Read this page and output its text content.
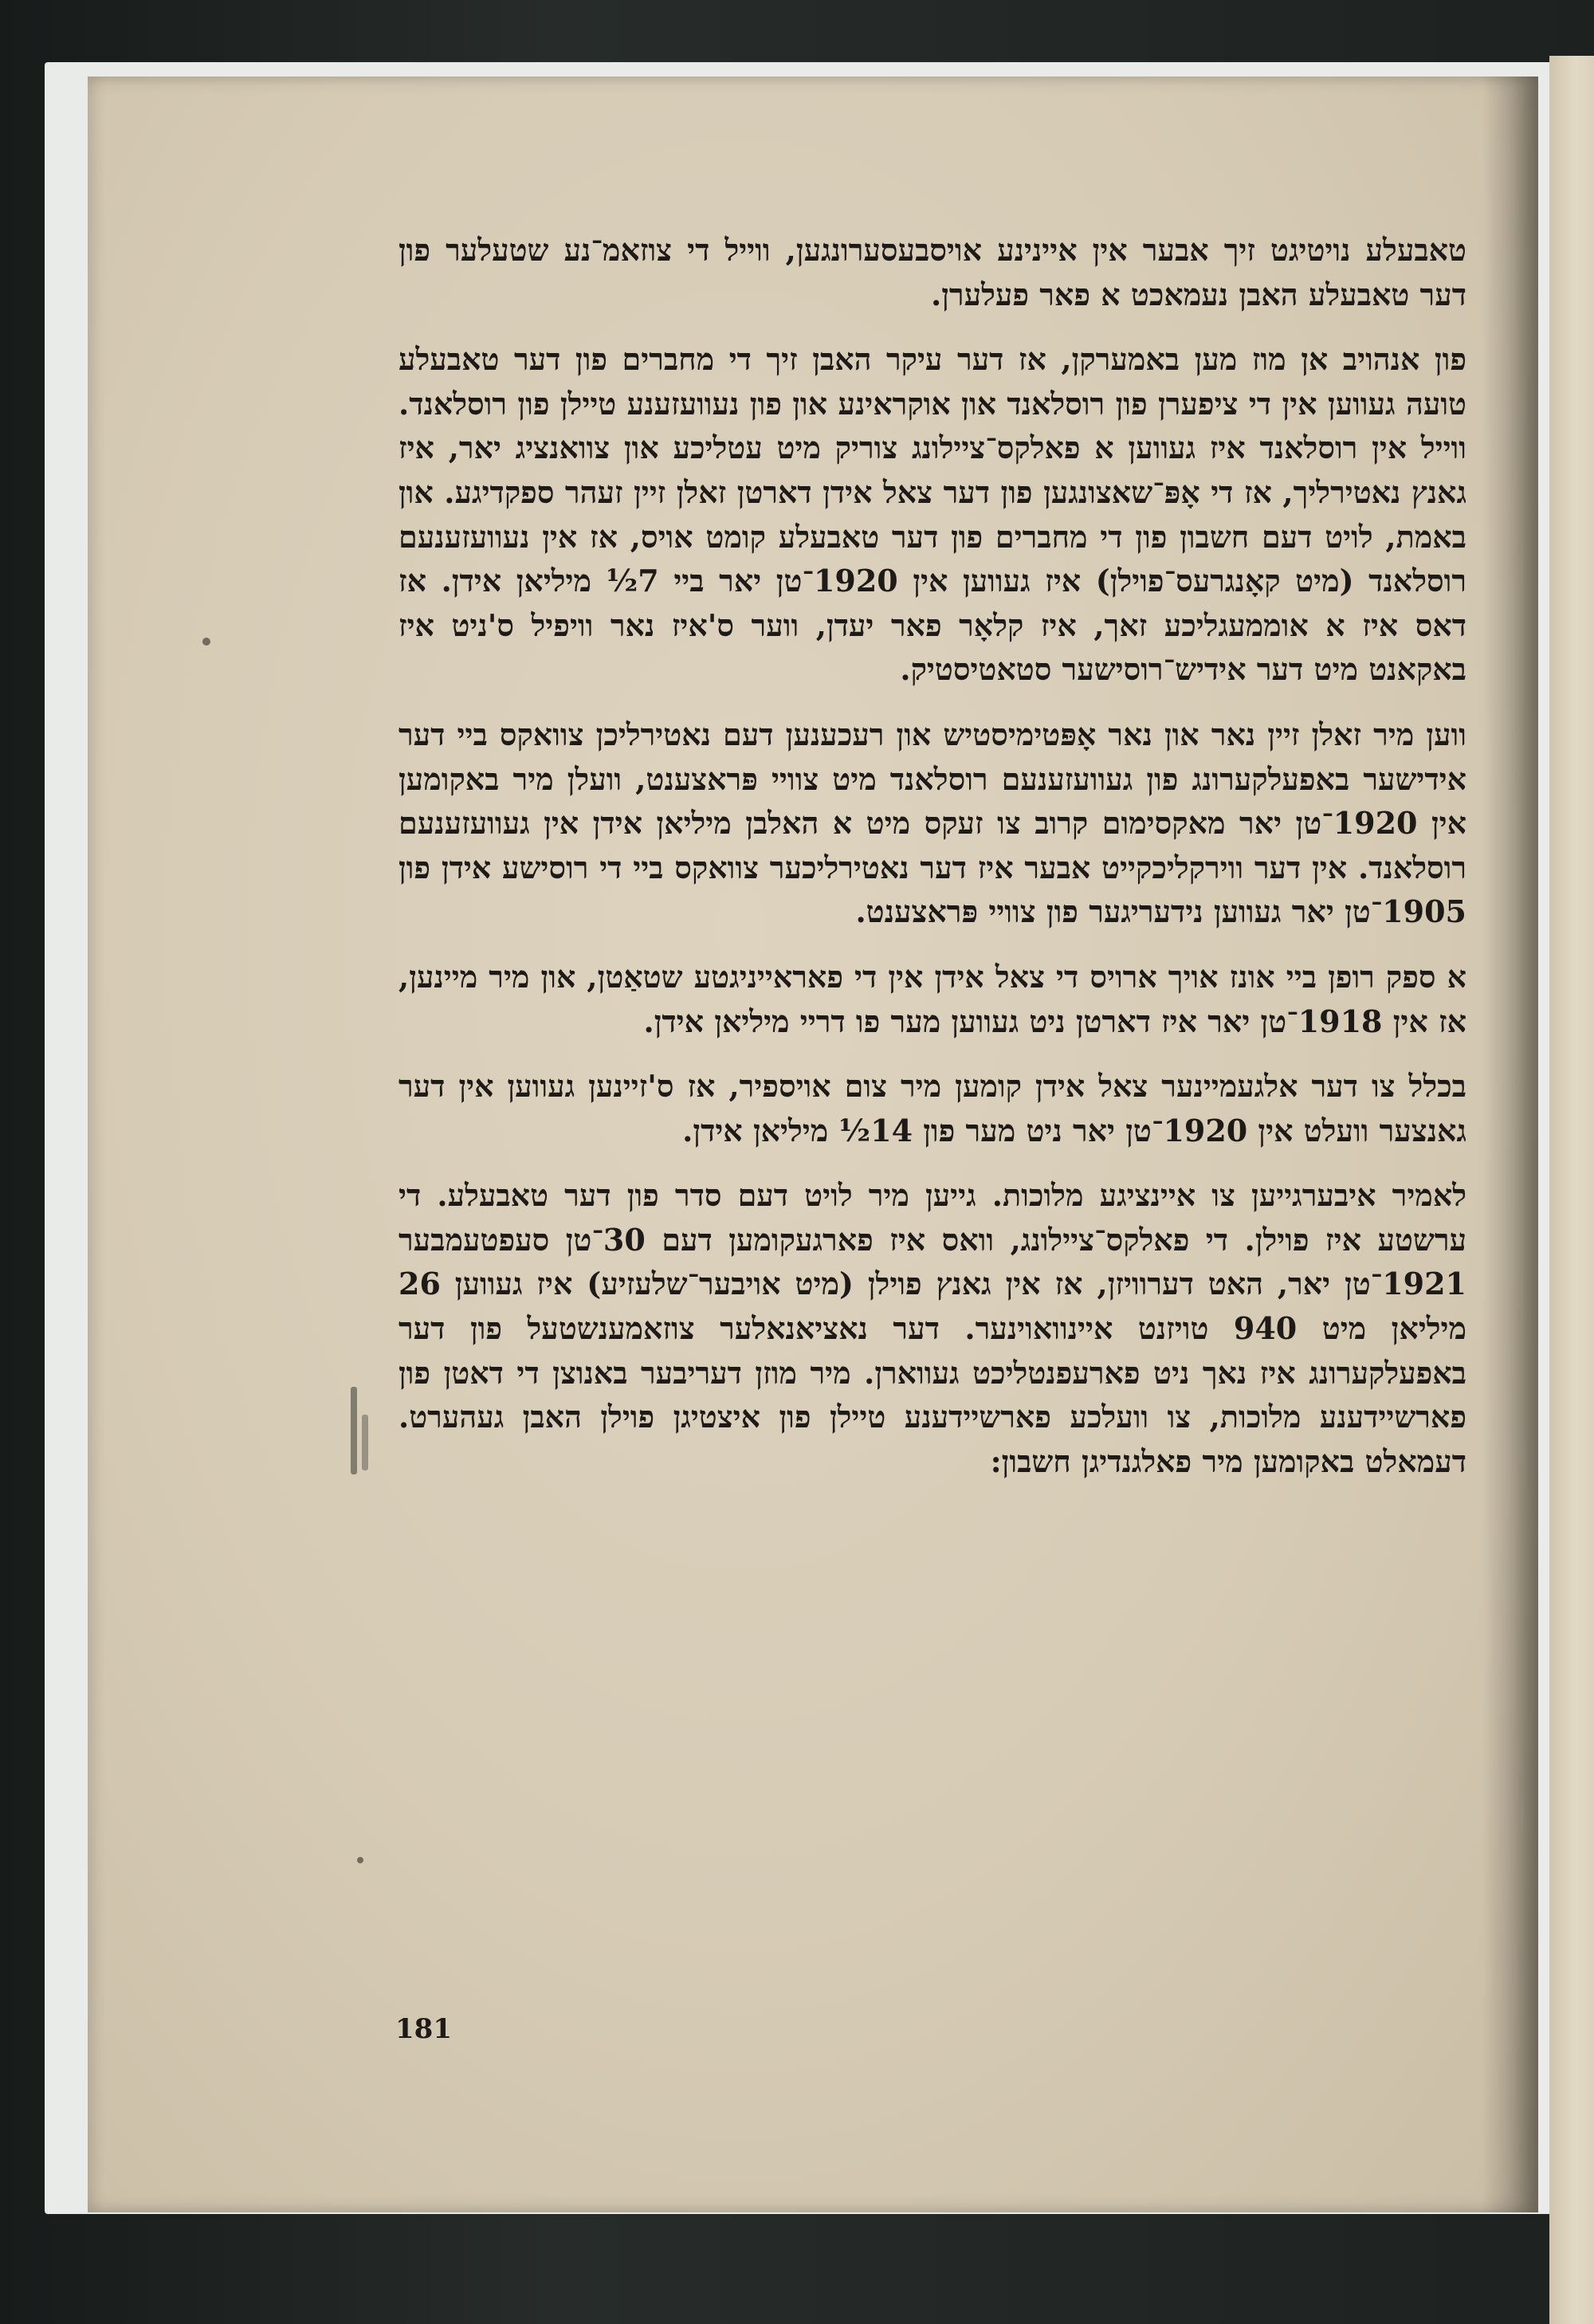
טאבעלע נויטיגט זיך אבער אין איינינע אויסבעסערונגען, ווייל די צוזאמ־נע שטעלער פון דער טאבעלע האבן נעמאכט א פאר פעלערן.

פון אנהויב אן מוז מען באמערקן, אז דער עיקר האבן זיך די מחברים פון דער טאבעלע טועה געווען אין די ציפערן פון רוסלאנד און אוקראינע און פון נעוועזענע טיילן פון רוסלאנד. ווייל אין רוסלאנד איז געווען א פאלקס־ציילונג צוריק מיט עטליכע און צוואנציג יאר, איז גאנץ נאטירליך, אז די אָפּ־שאצונגען פון דער צאל אידן דארטן זאלן זיין זעהר ספקדיגע. און באמת, לויט דעם חשבון פון די מחברים פון דער טאבעלע קומט אויס, אז אין נעוועזענעם רוסלאנד (מיט קאָנגרעס־פוילן) איז געווען אין 1920־טן יאר ביי 7½ מיליאן אידן. אז דאס איז א אוממעגליכע זאך, איז קלאָר פאר יעדן, ווער ס'איז נאר וויפיל ס'ניט איז באקאנט מיט דער אידיש־רוסישער סטאטיסטיק.

ווען מיר זאלן זיין נאר און נאר אָפּטימיסטיש און רעכענען דעם נאטירליכן צוואקס ביי דער אידישער באפעלקערונג פון געוועזענעם רוסלאנד מיט צוויי פּראצענט, וועלן מיר באקומען אין 1920־טן יאר מאקסימום קרוב צו זעקס מיט א האלבן מיליאן אידן אין געוועזענעם רוסלאנד. אין דער ווירקליכקייט אבער איז דער נאטירליכער צוואקס ביי די רוסישע אידן פון 1905־טן יאר געווען נידעריגער פון צוויי פּראצענט.

א ספק רופן ביי אונז אויך ארויס די צאל אידן אין די פאראייניגטע שטאַטן, און מיר מיינען, אז אין 1918־טן יאר איז דארטן ניט געווען מער פו דריי מיליאן אידן.

בכלל צו דער אלגעמיינער צאל אידן קומען מיר צום אויספיר, אז ס'זיינען געווען אין דער גאנצער וועלט אין 1920־טן יאר ניט מער פון 14½ מיליאן אידן.

לאמיר איבערגייען צו איינציגע מלוכות. גייען מיר לויט דעם סדר פון דער טאבעלע. די ערשטע איז פוילן. די פאלקס־ציילונג, וואס איז פארגעקומען דעם 30־טן סעפטעמבער 1921־טן יאר, האט דערוויזן, אז אין גאנץ פוילן (מיט אויבער־שלעזיע) איז געווען 26 מיליאן מיט 940 טויזנט איינוואוינער. דער נאציאנאלער צוזאמענשטעל פון דער באפעלקערונג איז נאך ניט פארעפנטליכט געווארן. מיר מוזן דעריבער באנוצן די דאטן פון פארשיידענע מלוכות, צו וועלכע פארשיידענע טיילן פון איצטיגן פוילן האבן געהערט. דעמאלט באקומען מיר פאלגנדיגן חשבון:

181
